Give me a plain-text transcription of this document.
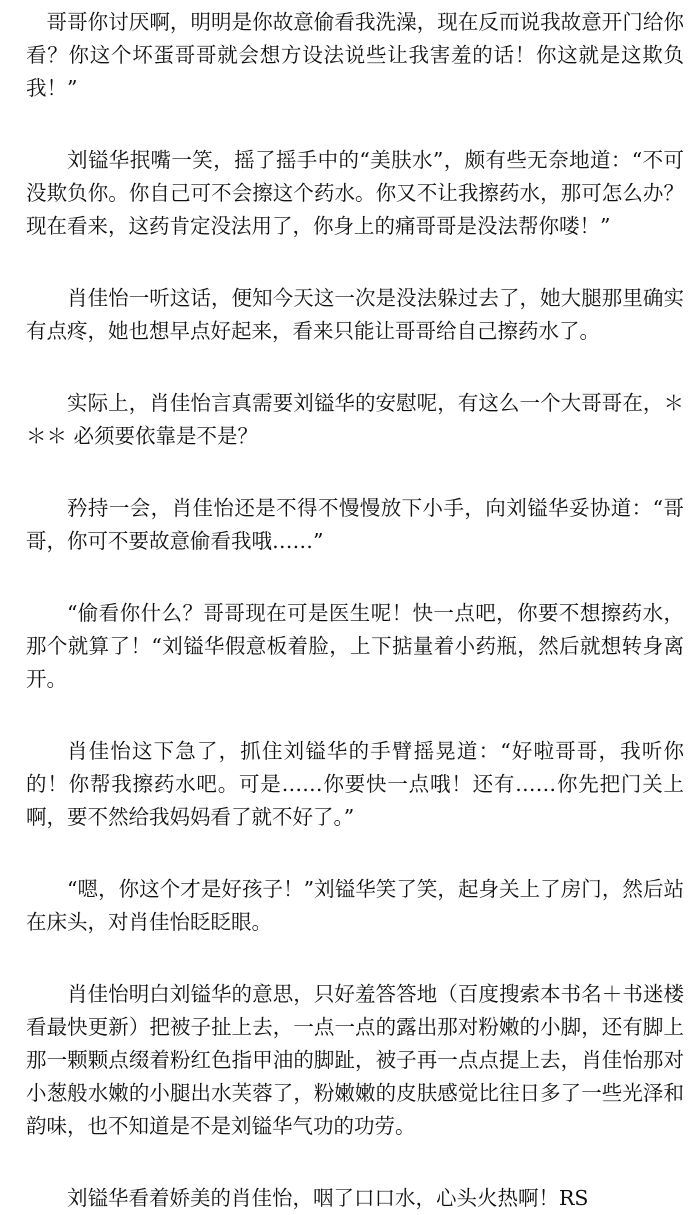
哥哥你讨厌啊，明明是你故意偷看我洗澡，现在反而说我故意开门给你看？你这个坏蛋哥哥就会想方设法说些让我害羞的话！你这就是这欺负我！”

刘镒华抿嘴一笑，摇了摇手中的“美肤水”，颇有些无奈地道：“不可没欺负你。你自己可不会擦这个药水。你又不让我擦药水，那可怎么办？现在看来，这药肯定没法用了，你身上的痛哥哥是没法帮你喽！”

肖佳怡一听这话，便知今天这一次是没法躲过去了，她大腿那里确实有点疼，她也想早点好起来，看来只能让哥哥给自己擦药水了。

实际上，肖佳怡言真需要刘镒华的安慰呢，有这么一个大哥哥在，＊＊＊ 必须要依靠是不是？

矜持一会，肖佳怡还是不得不慢慢放下小手，向刘镒华妥协道：“哥哥，你可不要故意偷看我哦……”

“偷看你什么？哥哥现在可是医生呢！快一点吧，你要不想擦药水，那个就算了！“刘镒华假意板着脸，上下掂量着小药瓶，然后就想转身离开。

肖佳怡这下急了，抓住刘镒华的手臂摇晃道：“好啦哥哥，我听你的！你帮我擦药水吧。可是……你要快一点哦！还有……你先把门关上啊，要不然给我妈妈看了就不好了。”

“嗯，你这个才是好孩子！”刘镒华笑了笑，起身关上了房门，然后站在床头，对肖佳怡眨眨眼。

肖佳怡明白刘镒华的意思，只好羞答答地（百度搜索本书名＋书迷楼 看最快更新）把被子扯上去，一点一点的露出那对粉嫩的小脚，还有脚上那一颗颗点缀着粉红色指甲油的脚趾，被子再一点点提上去，肖佳怡那对小葱般水嫩的小腿出水芙蓉了，粉嫩嫩的皮肤感觉比往日多了一些光泽和韵味，也不知道是不是刘镒华气功的功劳。

刘镒华看着娇美的肖佳怡，咽了口口水，心头火热啊！RS
